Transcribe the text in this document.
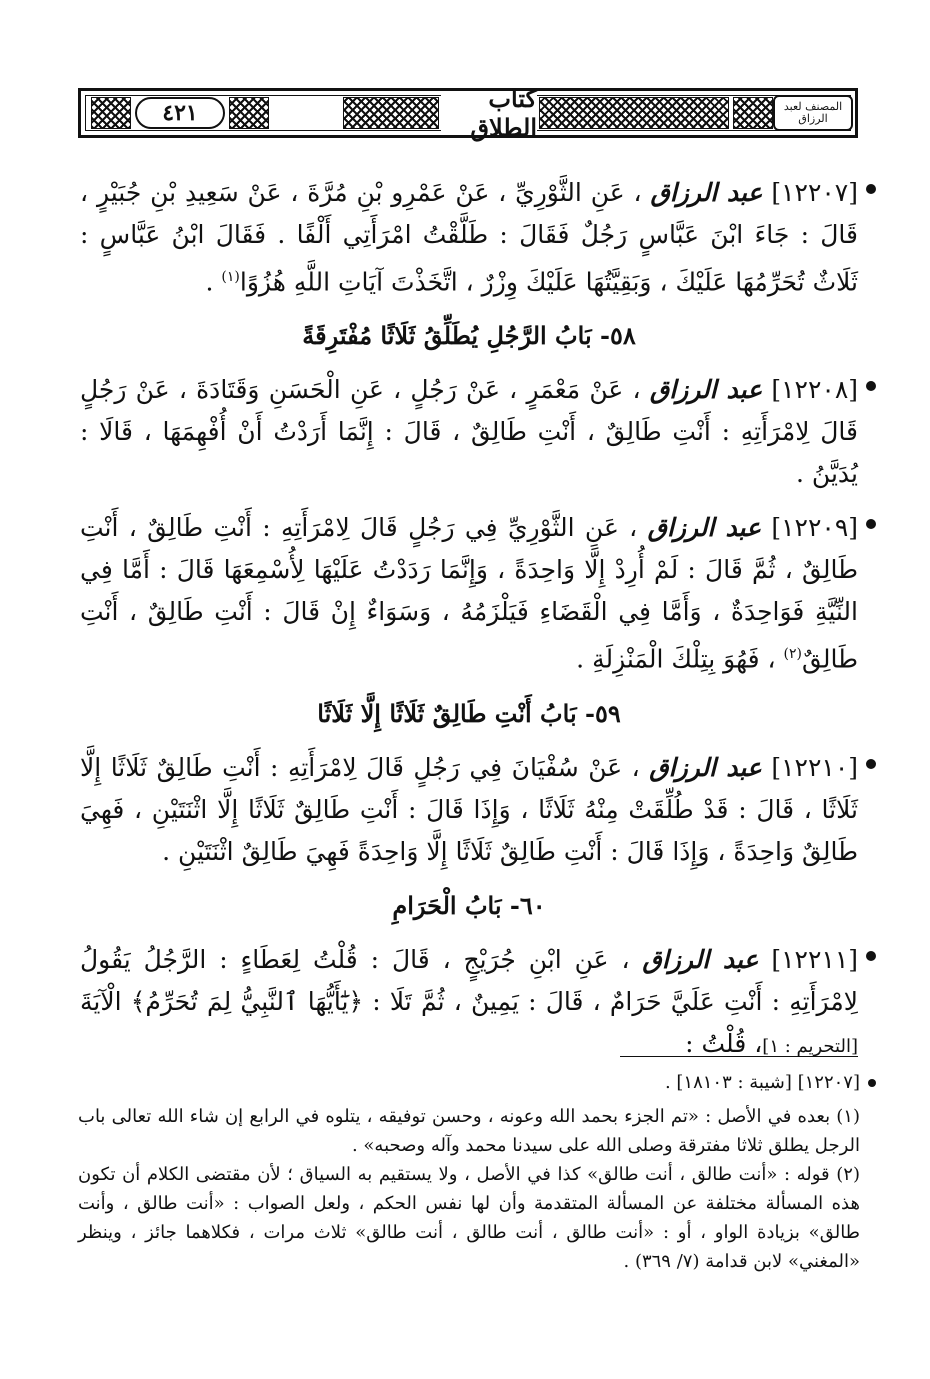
٤٢١	كتاب الطلاق
المصنف لعبد الرزاق

[١٢٢٠٧] عبد الرزاق ، عَنِ الثَّوْرِيِّ ، عَنْ عَمْرِو بْنِ مُرَّةَ ، عَنْ سَعِيدِ بْنِ جُبَيْرٍ ، قَالَ : جَاءَ ابْنَ عَبَّاسٍ رَجُلٌ فَقَالَ : طَلَّقْتُ امْرَأَتِي أَلْفًا . فَقَالَ ابْنُ عَبَّاسٍ : ثَلَاثٌ تُحَرِّمُهَا عَلَيْكَ ، وَبَقِيَّتُهَا عَلَيْكَ وِزْرٌ ، اتَّخَذْتَ آيَاتِ اللَّهِ هُزُوًا$^{(١)}$ .

٥٨- بَابُ الرَّجُلِ يُطَلِّقُ ثَلَاثًا مُفْتَرِقَةً

[١٢٢٠٨] عبد الرزاق ، عَنْ مَعْمَرٍ ، عَنْ رَجُلٍ ، عَنِ الْحَسَنِ وَقَتَادَةَ ، عَنْ رَجُلٍ قَالَ لِامْرَأَتِهِ : أَنْتِ طَالِقٌ ، أَنْتِ طَالِقٌ ، قَالَ : إِنَّمَا أَرَدْتُ أَنْ أُفْهِمَهَا ، قَالَا : يُدَيَّنُ .

[١٢٢٠٩] عبد الرزاق ، عَنِ الثَّوْرِيِّ فِي رَجُلٍ قَالَ لِامْرَأَتِهِ : أَنْتِ طَالِقٌ ، أَنْتِ طَالِقٌ ، ثُمَّ قَالَ : لَمْ أُرِدْ إِلَّا وَاحِدَةً ، وَإِنَّمَا رَدَدْتُ عَلَيْهَا لِأُسْمِعَهَا قَالَ : أَمَّا فِي النِّيَّةِ فَوَاحِدَةٌ ، وَأَمَّا فِي الْقَضَاءِ فَيَلْزَمُهُ ، وَسَوَاءٌ إِنْ قَالَ : أَنْتِ طَالِقٌ ، أَنْتِ طَالِقٌ$^{(٢)}$ ، فَهُوَ بِتِلْكَ الْمَنْزِلَةِ .

٥٩- بَابُ أَنْتِ طَالِقٌ ثَلَاثًا إِلَّا ثَلَاثًا

[١٢٢١٠] عبد الرزاق ، عَنْ سُفْيَانَ فِي رَجُلٍ قَالَ لِامْرَأَتِهِ : أَنْتِ طَالِقٌ ثَلَاثًا إِلَّا ثَلَاثًا ، قَالَ : قَدْ طُلِّقَتْ مِنْهُ ثَلَاثًا ، وَإِذَا قَالَ : أَنْتِ طَالِقٌ ثَلَاثًا إِلَّا اثْنَتَيْنِ ، فَهِيَ طَالِقٌ وَاحِدَةً ، وَإِذَا قَالَ : أَنْتِ طَالِقٌ ثَلَاثًا إِلَّا وَاحِدَةً فَهِيَ طَالِقٌ اثْنَتَيْنِ .

٦٠- بَابُ الْحَرَامِ

[١٢٢١١] عبد الرزاق ، عَنِ ابْنِ جُرَيْجٍ ، قَالَ : قُلْتُ لِعَطَاءٍ : الرَّجُلُ يَقُولُ لِامْرَأَتِهِ : أَنْتِ عَلَيَّ حَرَامٌ ، قَالَ : يَمِينٌ ، ثُمَّ تَلَا : ﴿يَٰٓأَيُّهَا ٱلنَّبِيُّ لِمَ تُحَرِّمُ﴾ الْآيَةَ [التحريم : ١]، قُلْتُ :

[١٢٢٠٧] [شيبة : ١٨١٠٣] .

(١) بعده في الأصل : «تم الجزء بحمد الله وعونه ، وحسن توفيقه ، يتلوه في الرابع إن شاء الله تعالى باب الرجل يطلق ثلاثا مفترقة وصلى الله على سيدنا محمد وآله وصحبه» .

(٢) قوله : «أنت طالق ، أنت طالق» كذا في الأصل ، ولا يستقيم به السياق ؛ لأن مقتضى الكلام أن تكون هذه المسألة مختلفة عن المسألة المتقدمة وأن لها نفس الحكم ، ولعل الصواب : «أنت طالق ، وأنت طالق» بزيادة الواو ، أو : «أنت طالق ، أنت طالق ، أنت طالق» ثلاث مرات ، فكلاهما جائز ، وينظر «المغني» لابن قدامة (٧/ ٣٦٩) .
